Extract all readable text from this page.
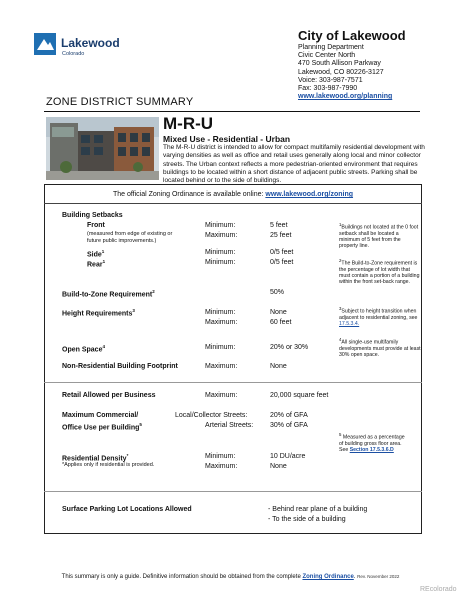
Lakewood
Colorado
City of Lakewood
Planning Department
Civic Center North
470 South Allison Parkway
Lakewood, CO 80226-3127
Voice: 303-987-7571
Fax: 303-987-7990
www.lakewood.org/planning
ZONE DISTRICT SUMMARY
M-R-U
Mixed Use - Residential - Urban
The M-R-U district is intended to allow for compact multifamily residential development with varying densities as well as office and retail uses generally along local and minor collector streets. The Urban context reflects a more pedestrian-oriented environment that requires buildings to be located within a short distance of adjacent public streets. Parking shall be located behind or to the side of buildings.
The official Zoning Ordinance is available online: www.lakewood.org/zoning
Building Setbacks
Front
(measured from edge of existing or future public improvements.)
Minimum:	5 feet
Maximum:	25 feet
Side$^1$	Minimum:	0/5 feet
Rear$^1$	Minimum:	0/5 feet
$^1$Buildings not located at the 0 foot setback shall be located a minimum of 5 feet from the property line.
Build-to-Zone Requirement$^2$	50%
$^2$The Build-to-Zone requirement is the percentage of lot width that must contain a portion of a building within the front set-back range.
Height Requirements$^3$	Minimum:	None
Maximum:	60 feet
$^3$Subject to height transition when adjacent to residential zoning, see 17.5.3.4.
Open Space$^4$	Minimum:	20% or 30%
$^4$All single-use multifamily developments must provide at least 30% open space.
Non-Residential Building Footprint	Maximum:	None
Retail Allowed per Business	Maximum:	20,000 square feet
Maximum Commercial/
Office Use per Building$^5$
Local/Collector Streets:	20% of GFA
Arterial Streets: 30% of GFA
$^5$ Measured as a percentage of building gross floor area. See Section 17.5.3.6.D
Residential Density*
*Applies only if residential is provided.
Minimum:	10 DU/acre
Maximum:	None
Surface Parking Lot Locations Allowed	- Behind rear plane of a building
- To the side of a building
This summary is only a guide. Definitive information should be obtained from the complete Zoning Ordinance. Rev. November 2022
REcolorado
